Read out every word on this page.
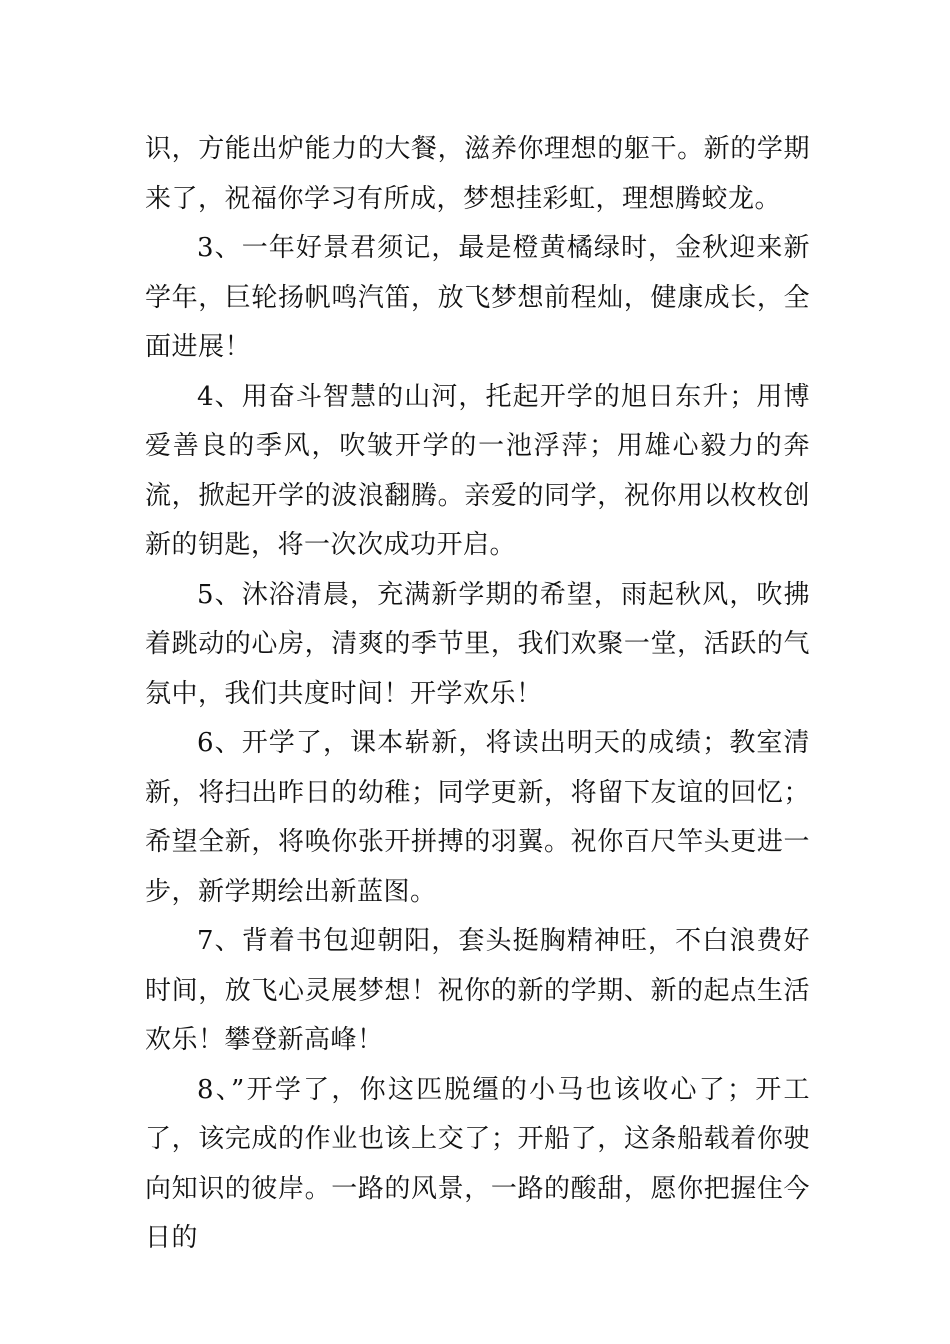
识，方能出炉能力的大餐，滋养你理想的躯干。新的学期来了，祝福你学习有所成，梦想挂彩虹，理想腾蛟龙。

3、一年好景君须记，最是橙黄橘绿时，金秋迎来新学年，巨轮扬帆鸣汽笛，放飞梦想前程灿，健康成长，全面进展！

4、用奋斗智慧的山河，托起开学的旭日东升；用博爱善良的季风，吹皱开学的一池浮萍；用雄心毅力的奔流，掀起开学的波浪翻腾。亲爱的同学，祝你用以枚枚创新的钥匙，将一次次成功开启。

5、沐浴清晨，充满新学期的希望，雨起秋风，吹拂着跳动的心房，清爽的季节里，我们欢聚一堂，活跃的气氛中，我们共度时间！开学欢乐！

6、开学了，课本崭新，将读出明天的成绩；教室清新，将扫出昨日的幼稚；同学更新，将留下友谊的回忆；希望全新，将唤你张开拼搏的羽翼。祝你百尺竿头更进一步，新学期绘出新蓝图。

7、背着书包迎朝阳，套头挺胸精神旺，不白浪费好时间，放飞心灵展梦想！祝你的新的学期、新的起点生活欢乐！攀登新高峰！

8、”开学了，你这匹脱缰的小马也该收心了；开工了，该完成的作业也该上交了；开船了，这条船载着你驶向知识的彼岸。一路的风景，一路的酸甜，愿你把握住今日的
